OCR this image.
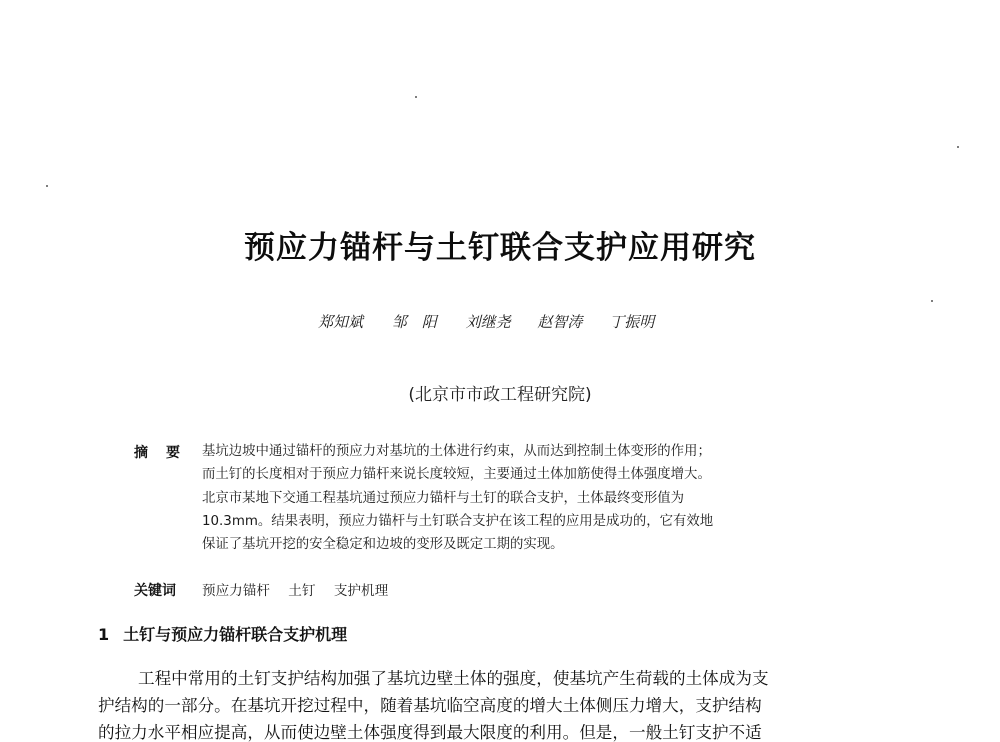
预应力锚杆与土钉联合支护应用研究
郑知斌 邹　阳 刘继尧 赵智涛 丁振明
(北京市市政工程研究院)
摘　要 基坑边坡中通过锚杆的预应力对基坑的土体进行约束，从而达到控制土体变形的作用；
而土钉的长度相对于预应力锚杆来说长度较短，主要通过土体加筋使得土体强度增大。
北京市某地下交通工程基坑通过预应力锚杆与土钉的联合支护，土体最终变形值为
10.3mm。结果表明，预应力锚杆与土钉联合支护在该工程的应用是成功的，它有效地
保证了基坑开挖的安全稳定和边坡的变形及既定工期的实现。
关键词 预应力锚杆 土钉 支护机理
1 土钉与预应力锚杆联合支护机理
工程中常用的土钉支护结构加强了基坑边壁土体的强度，使基坑产生荷载的土体成为支
护结构的一部分。在基坑开挖过程中，随着基坑临空高度的增大土体侧压力增大，支护结构
的拉力水平相应提高，从而使边壁土体强度得到最大限度的利用。但是，一般土钉支护不适
